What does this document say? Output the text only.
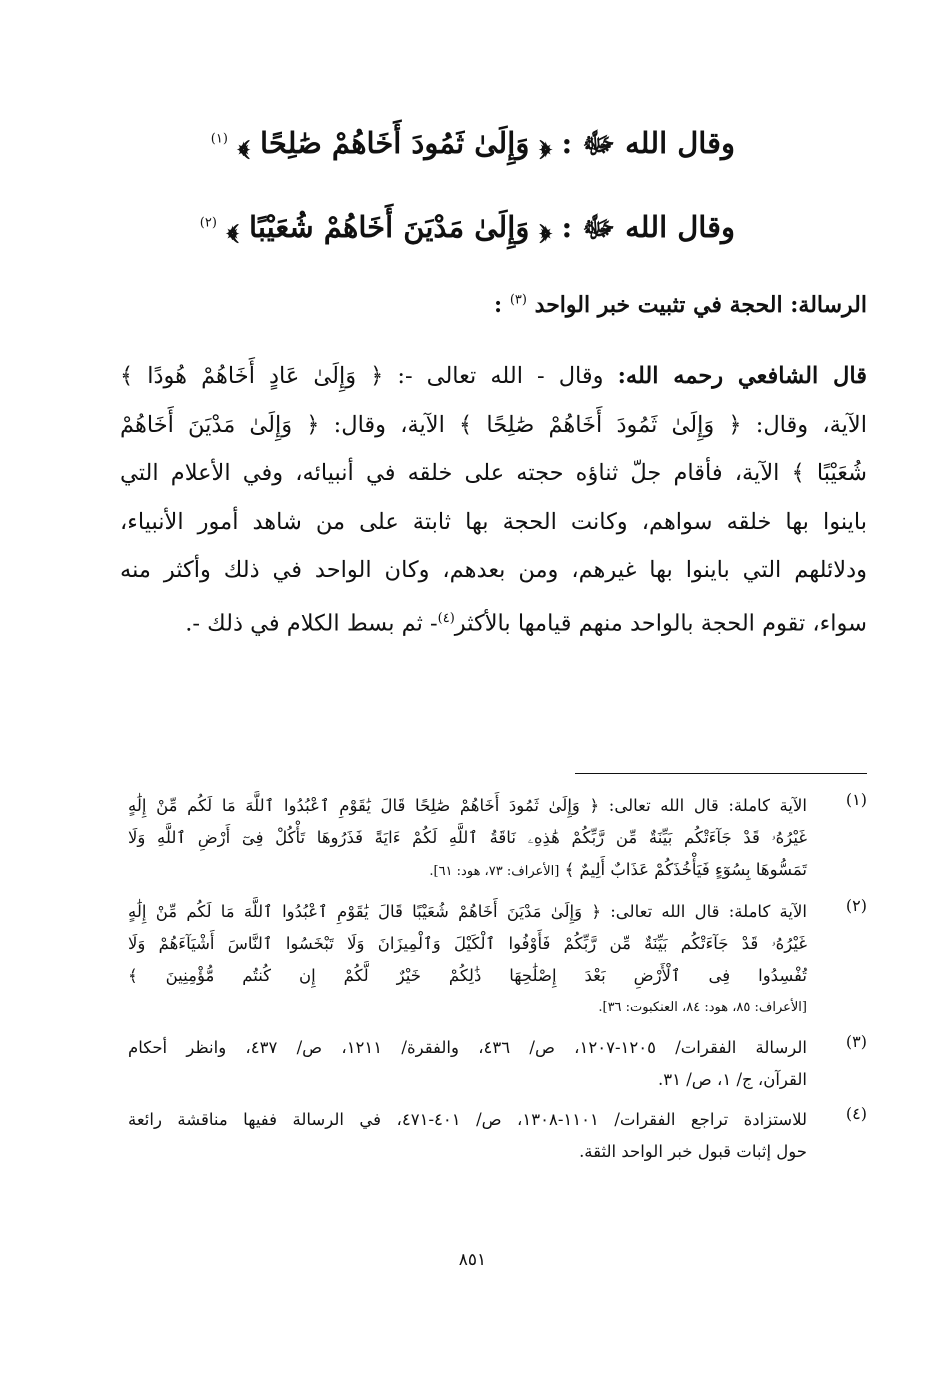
وقال الله ﷻ : ﴿ وَإِلَىٰ ثَمُودَ أَخَاهُمْ صَٰلِحًا ﴾ $^{(١)}$
وقال الله ﷻ : ﴿ وَإِلَىٰ مَدْيَنَ أَخَاهُمْ شُعَيْبًا ﴾ $^{(٢)}$
الرسالة: الحجة في تثبيت خبر الواحد $^{(٣)}$ :
قال الشافعي رحمه الله: وقال - الله تعالى -: ﴿ وَإِلَىٰ عَادٍ أَخَاهُمْ هُودًا ﴾
الآية، وقال: ﴿ وَإِلَىٰ ثَمُودَ أَخَاهُمْ صَٰلِحًا ﴾ الآية، وقال: ﴿ وَإِلَىٰ مَدْيَنَ أَخَاهُمْ
شُعَيْبًا ﴾ الآية، فأقام جلّ ثناؤه حجته على خلقه في أنبيائه، وفي الأعلام التي
باينوا بها خلقه سواهم، وكانت الحجة بها ثابتة على من شاهد أمور الأنبياء،
ودلائلهم التي باينوا بها غيرهم، ومن بعدهم، وكان الواحد في ذلك وأكثر منه
سواء، تقوم الحجة بالواحد منهم قيامها بالأكثر$^{(٤)}$- ثم بسط الكلام في ذلك -.
(١)
الآية كاملة: قال الله تعالى: ﴿ وَإِلَىٰ ثَمُودَ أَخَاهُمْ صَٰلِحًا قَالَ يَٰقَوْمِ ٱعْبُدُوا ٱللَّهَ مَا لَكُم مِّنْ إِلَٰهٍ
غَيْرُهُۥ قَدْ جَآءَتْكُم بَيِّنَةٌ مِّن رَّبِّكُمْ هَٰذِهِۦ نَاقَةُ ٱللَّهِ لَكُمْ ءَايَةً فَذَرُوهَا تَأْكُلْ فِىٓ أَرْضِ ٱللَّهِ وَلَا
تَمَسُّوهَا بِسُوٓءٍ فَيَأْخُذَكُمْ عَذَابٌ أَلِيمٌ ﴾ [الأعراف: ٧٣، هود: ٦١].
(٢)
الآية كاملة: قال الله تعالى: ﴿ وَإِلَىٰ مَدْيَنَ أَخَاهُمْ شُعَيْبًا قَالَ يَٰقَوْمِ ٱعْبُدُوا ٱللَّهَ مَا لَكُم مِّنْ إِلَٰهٍ
غَيْرُهُۥ قَدْ جَآءَتْكُم بَيِّنَةٌ مِّن رَّبِّكُمْ فَأَوْفُوا ٱلْكَيْلَ وَٱلْمِيزَانَ وَلَا تَبْخَسُوا ٱلنَّاسَ أَشْيَآءَهُمْ وَلَا
تُفْسِدُوا فِى ٱلْأَرْضِ بَعْدَ إِصْلَٰحِهَا ذَٰلِكُمْ خَيْرٌ لَّكُمْ إِن كُنتُم مُّؤْمِنِينَ ﴾
[الأعراف: ٨٥، هود: ٨٤، العنكبوت: ٣٦].
(٣)
الرسالة الفقرات/ ١٢٠٥-١٢٠٧، ص/ ٤٣٦، والفقرة/ ١٢١١، ص/ ٤٣٧، وانظر أحكام
القرآن، ج/ ١، ص/ ٣١.
(٤)
للاستزادة تراجع الفقرات/ ١١٠١-١٣٠٨، ص/ ٤٠١-٤٧١، في الرسالة ففيها مناقشة رائعة
حول إثبات قبول خبر الواحد الثقة.
٨٥١
